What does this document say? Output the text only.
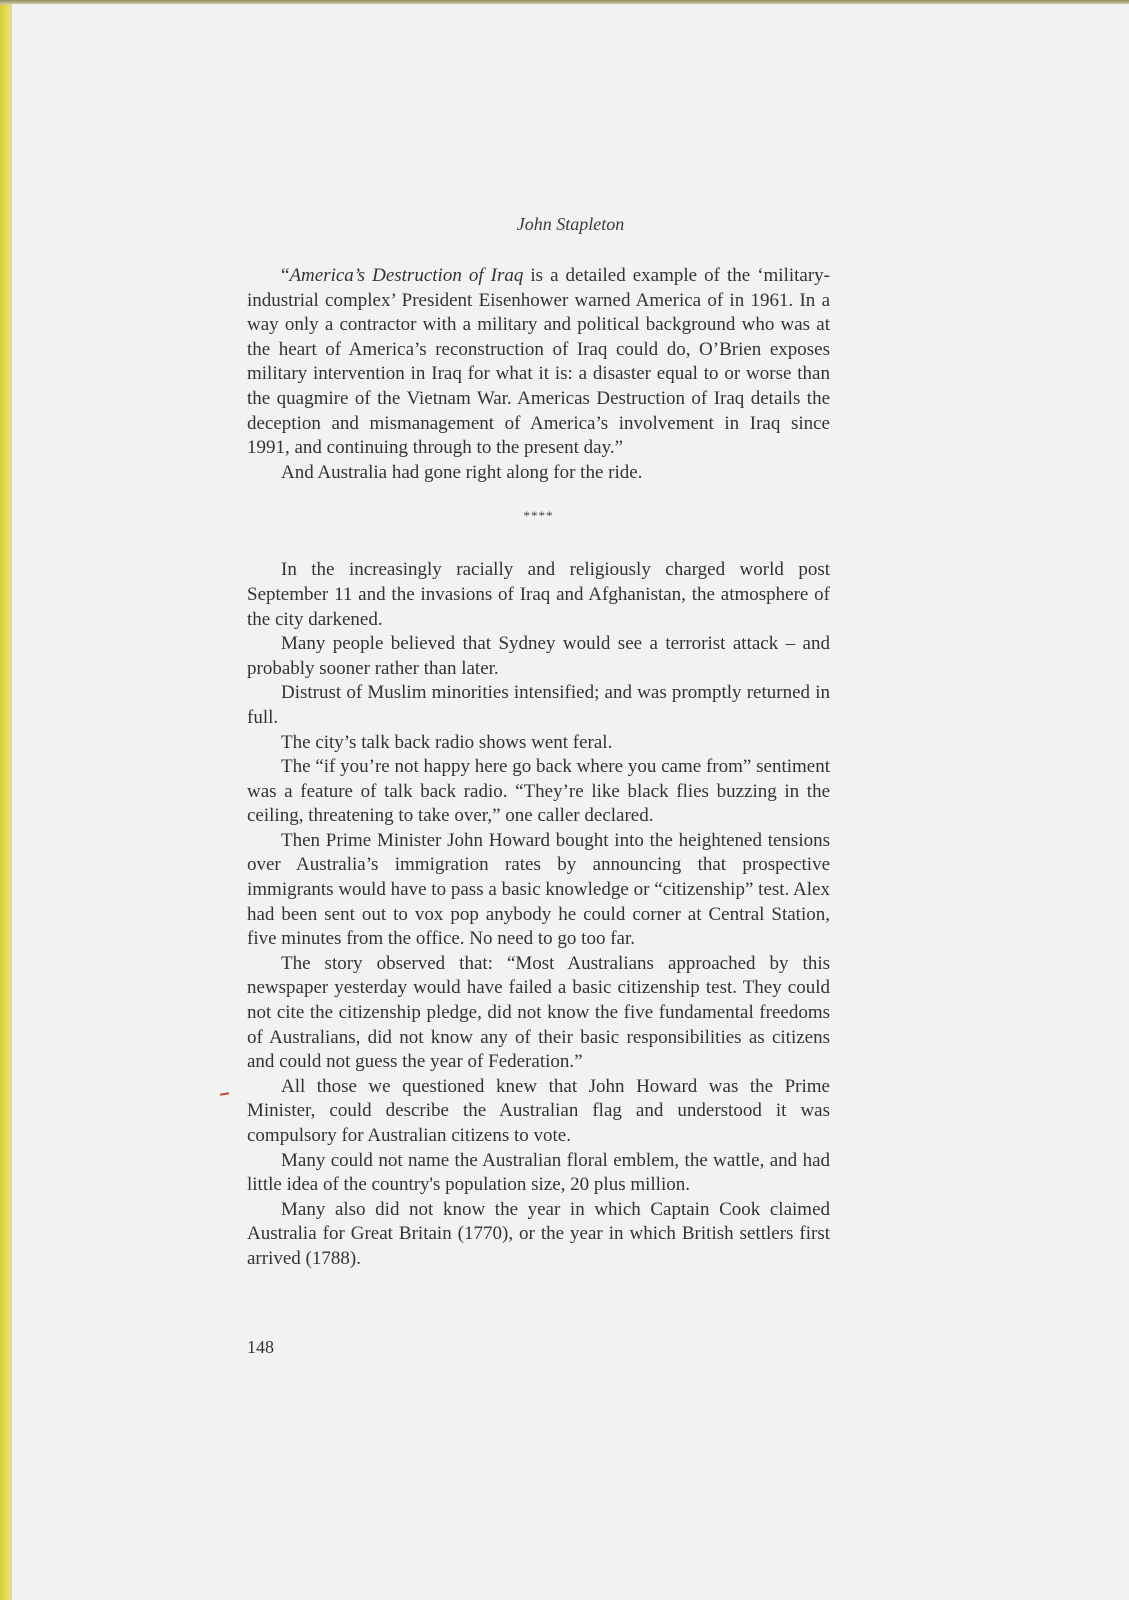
John Stapleton

“America’s Destruction of Iraq is a detailed example of the ‘military-industrial complex’ President Eisenhower warned America of in 1961. In a way only a contractor with a military and political background who was at the heart of America’s reconstruction of Iraq could do, O’Brien exposes military intervention in Iraq for what it is: a disaster equal to or worse than the quagmire of the Vietnam War. Americas Destruction of Iraq details the deception and mismanagement of America’s involvement in Iraq since 1991, and continuing through to the present day.”

And Australia had gone right along for the ride.

****

In the increasingly racially and religiously charged world post September 11 and the invasions of Iraq and Afghanistan, the atmosphere of the city darkened.

Many people believed that Sydney would see a terrorist attack – and probably sooner rather than later.

Distrust of Muslim minorities intensified; and was promptly returned in full.

The city’s talk back radio shows went feral.

The “if you’re not happy here go back where you came from” sentiment was a feature of talk back radio. “They’re like black flies buzzing in the ceiling, threatening to take over,” one caller declared.

Then Prime Minister John Howard bought into the heightened tensions over Australia’s immigration rates by announcing that prospective immigrants would have to pass a basic knowledge or “citizenship” test. Alex had been sent out to vox pop anybody he could corner at Central Station, five minutes from the office. No need to go too far.

The story observed that: “Most Australians approached by this newspaper yesterday would have failed a basic citizenship test. They could not cite the citizenship pledge, did not know the five fundamental freedoms of Australians, did not know any of their basic responsibilities as citizens and could not guess the year of Federation.”

All those we questioned knew that John Howard was the Prime Minister, could describe the Australian flag and understood it was compulsory for Australian citizens to vote.

Many could not name the Australian floral emblem, the wattle, and had little idea of the country's population size, 20 plus million.

Many also did not know the year in which Captain Cook claimed Australia for Great Britain (1770), or the year in which British settlers first arrived (1788).

148
